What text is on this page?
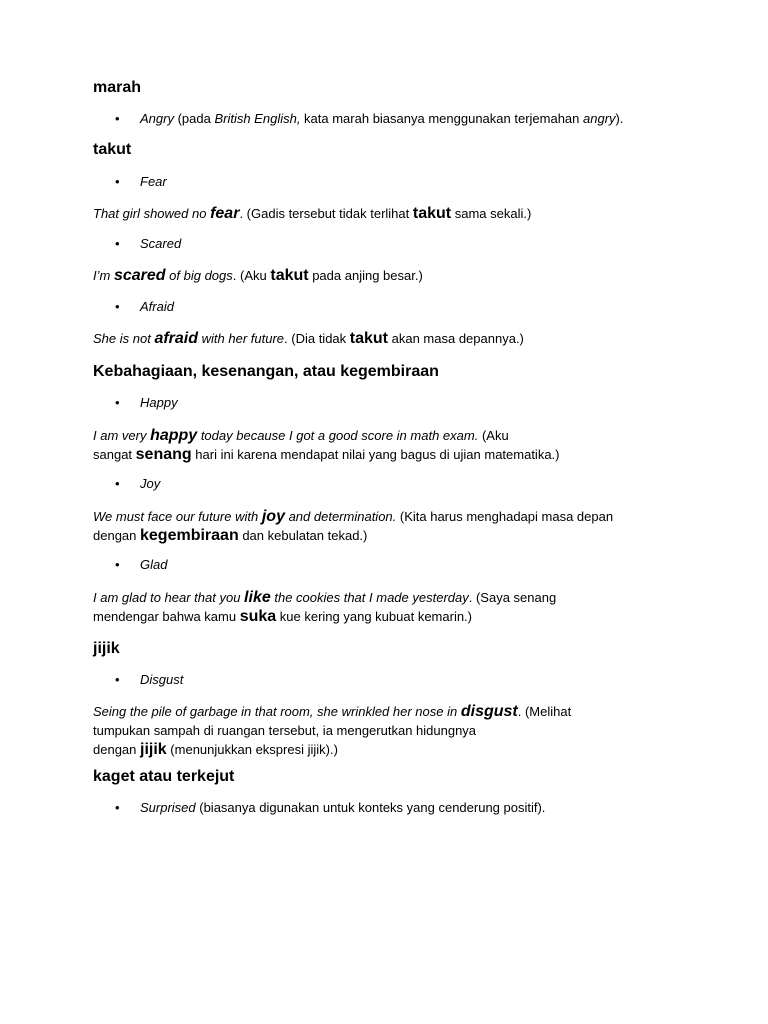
marah
• Angry (pada British English, kata marah biasanya menggunakan terjemahan angry).
takut
• Fear
That girl showed no fear. (Gadis tersebut tidak terlihat takut sama sekali.)
• Scared
I’m scared of big dogs. (Aku takut pada anjing besar.)
• Afraid
She is not afraid with her future. (Dia tidak takut akan masa depannya.)
Kebahagiaan, kesenangan, atau kegembiraan
• Happy
I am very happy today because I got a good score in math exam. (Aku
sangat senang hari ini karena mendapat nilai yang bagus di ujian matematika.)
• Joy
We must face our future with joy and determination. (Kita harus menghadapi masa depan
dengan kegembiraan dan kebulatan tekad.)
• Glad
I am glad to hear that you like the cookies that I made yesterday. (Saya senang
mendengar bahwa kamu suka kue kering yang kubuat kemarin.)
jijik
• Disgust
Seing the pile of garbage in that room, she wrinkled her nose in disgust. (Melihat
tumpukan sampah di ruangan tersebut, ia mengerutkan hidungnya
dengan jijik (menunjukkan ekspresi jijik).)
kaget atau terkejut
• Surprised (biasanya digunakan untuk konteks yang cenderung positif).
